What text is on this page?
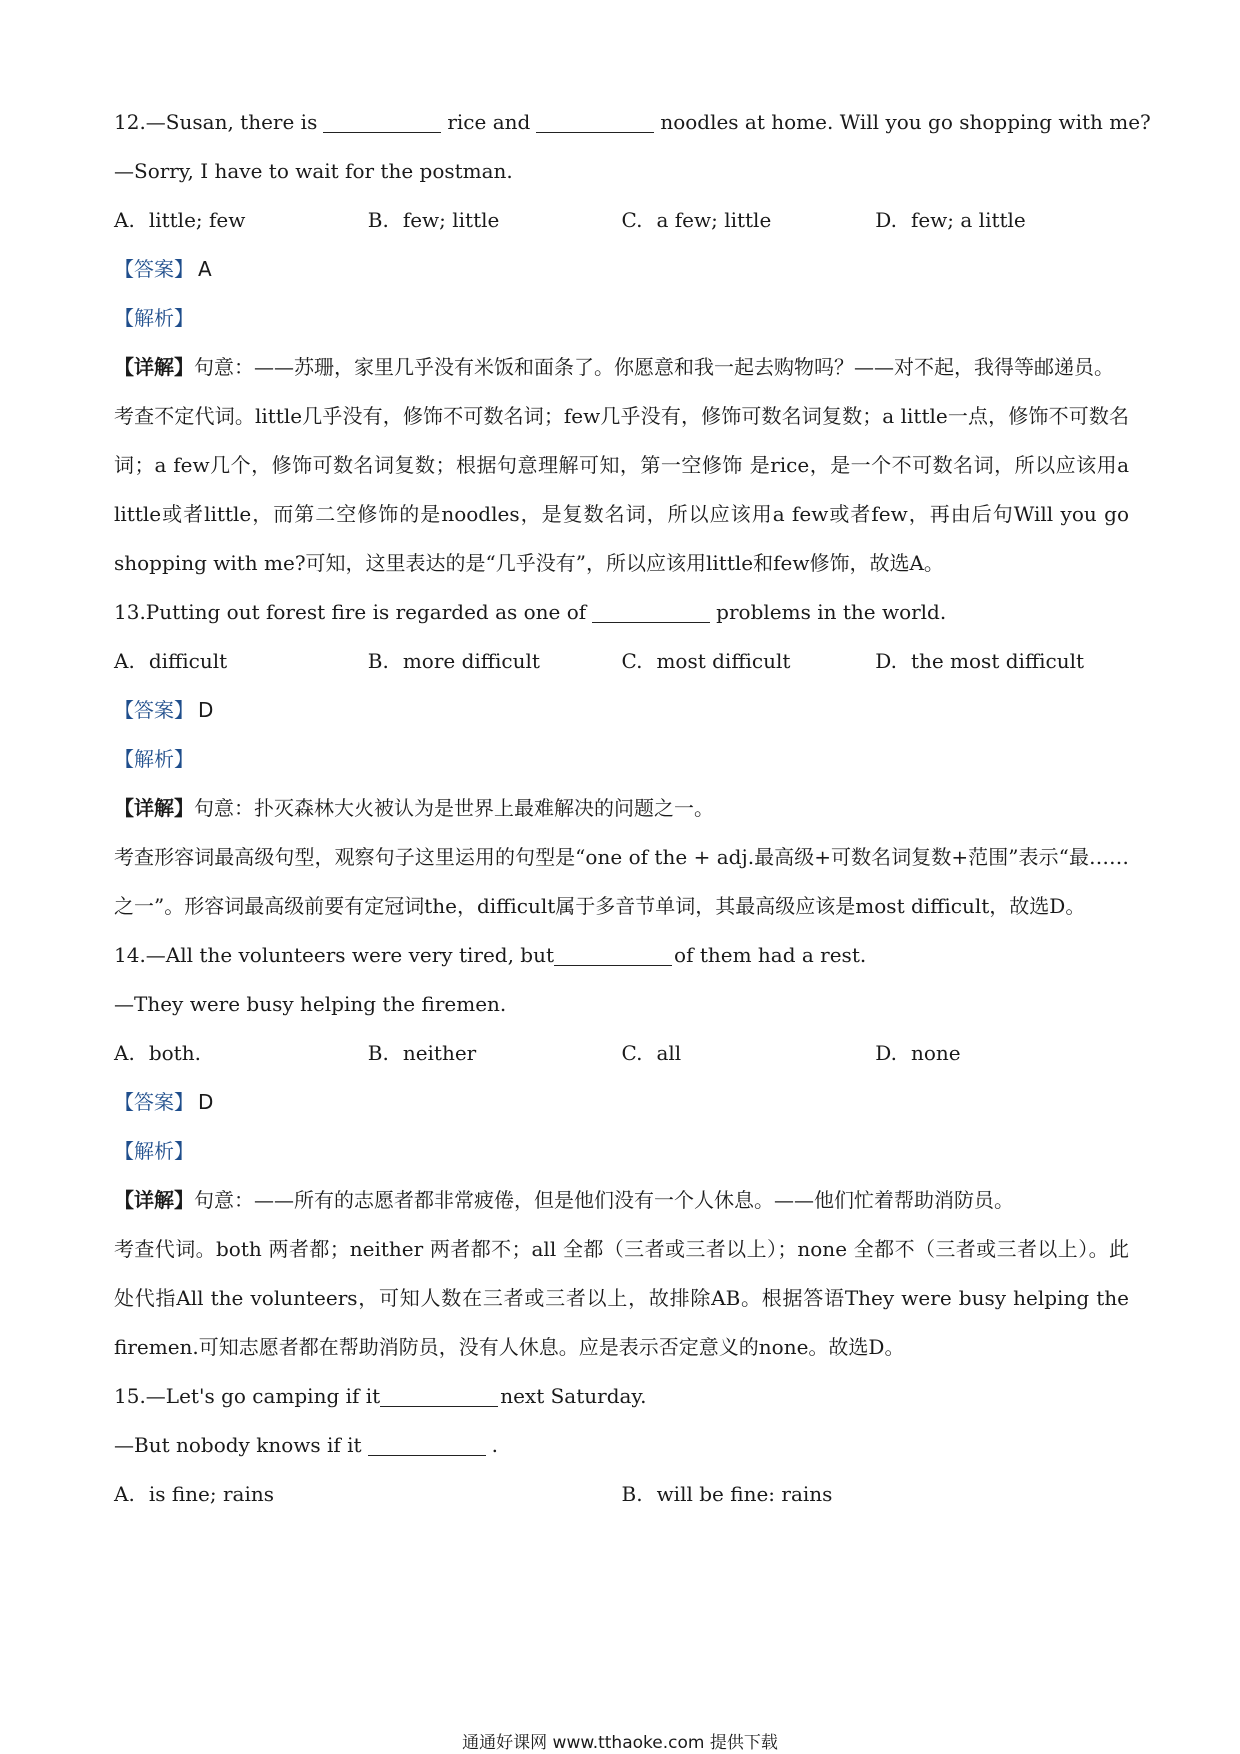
12.—Susan, there is	rice and	noodles at home. Will you go shopping with me?
—Sorry, I have to wait for the postman.
A. little; few	B. few; little	C. a few; little	D. few; a little
【答案】 A
【解析】
【详解】句意：——苏珊，家里几乎没有米饭和面条了。你愿意和我一起去购物吗？——对不起，我得等邮递员。
考查不定代词。little几乎没有，修饰不可数名词；few几乎没有，修饰可数名词复数；a little一点，修饰不可数名词；a few几个，修饰可数名词复数；根据句意理解可知，第一空修饰 是rice，是一个不可数名词，所以应该用a little或者little，而第二空修饰的是noodles，是复数名词，所以应该用a few或者few，再由后句Will you go shopping with me?可知，这里表达的是“几乎没有”，所以应该用little和few修饰，故选A。
13.Putting out forest fire is regarded as one of	problems in the world.
A. difficult	B. more difficult	C. most difficult	D. the most difficult
【答案】 D
【解析】
【详解】句意：扑灭森林大火被认为是世界上最难解决的问题之一。
考查形容词最高级句型，观察句子这里运用的句型是“one of the + adj.最高级+可数名词复数+范围”表示“最……之一”。形容词最高级前要有定冠词the，difficult属于多音节单词，其最高级应该是most difficult，故选D。
14.—All the volunteers were very tired, but	of them had a rest.
—They were busy helping the firemen.
A. both.	B. neither	C. all	D. none
【答案】 D
【解析】
【详解】句意：——所有的志愿者都非常疲倦，但是他们没有一个人休息。——他们忙着帮助消防员。
考查代词。both 两者都；neither 两者都不；all 全都（三者或三者以上）；none 全都不（三者或三者以上）。此处代指All the volunteers，可知人数在三者或三者以上，故排除AB。根据答语They were busy helping the firemen.可知志愿者都在帮助消防员，没有人休息。应是表示否定意义的none。故选D。
15.—Let's go camping if it	next Saturday.
—But nobody knows if it	.
A. is fine; rains	B. will be fine: rains
通通好课网 www.tthaoke.com 提供下载
